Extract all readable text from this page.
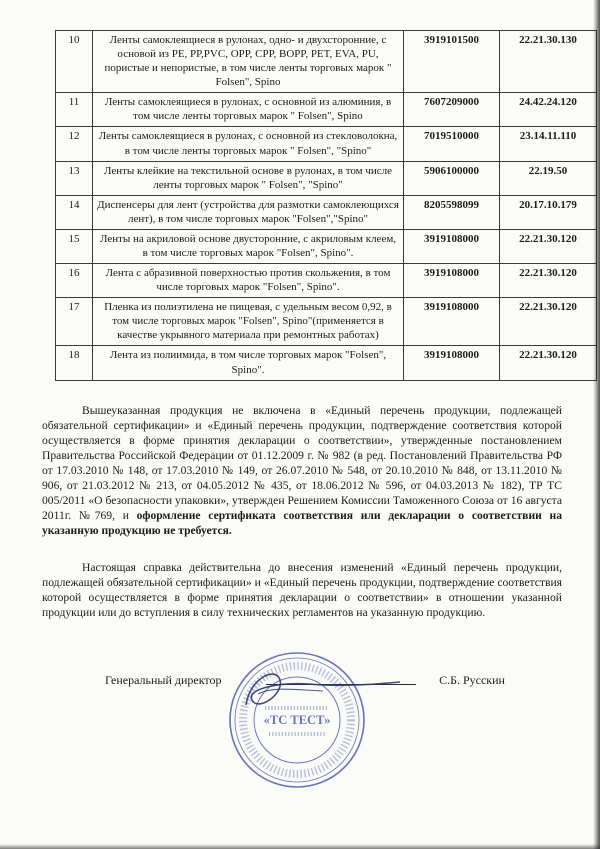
10	Ленты самоклеящиеся в рулонах, одно- и двухсторонние, с основой из PE, PP,PVC, OPP, CPP, BOPP, PET, EVA, PU, пористые и непористые, в том числе ленты торговых марок " Folsen", Spino	3919101500	22.21.30.130
11	Ленты самоклеящиеся в рулонах, с основной из алюминия, в том числе ленты торговых марок " Folsen", Spino	7607209000	24.42.24.120
12	Ленты самоклеящиеся в рулонах, с основной из стекловолокна, в том числе ленты торговых марок " Folsen", "Spino"	7019510000	23.14.11.110
13	Ленты клейкие на текстильной основе в рулонах, в том числе ленты торговых марок " Folsen", "Spino"	5906100000	22.19.50
14	Диспенсеры для лент (устройства для размотки самоклеющихся лент), в том числе торговых марок "Folsen","Spino"	8205598099	20.17.10.179
15	Ленты на акриловой основе двусторонние, с акриловым клеем, в том числе торговых марок "Folsen", Spino".	3919108000	22.21.30.120
16	Лента с абразивной поверхностью против скольжения, в том числе торговых марок "Folsen", Spino".	3919108000	22.21.30.120
17	Пленка из полиэтилена не пищевая, с удельным весом 0,92, в том числе торговых марок "Folsen", Spino"(применяется в качестве укрывного материала при ремонтных работах)	3919108000	22.21.30.120
18	Лента из полиимида, в том числе торговых марок "Folsen", Spino".	3919108000	22.21.30.120

Вышеуказанная продукция не включена в «Единый перечень продукции, подлежащей обязательной сертификации» и «Единый перечень продукции, подтверждение соответствия которой осуществляется в форме принятия декларации о соответствии», утвержденные постановлением Правительства Российской Федерации от 01.12.2009 г. № 982 (в ред. Постановлений Правительства РФ от 17.03.2010 № 148, от 17.03.2010 № 149, от 26.07.2010 № 548, от 20.10.2010 № 848, от 13.11.2010 № 906, от 21.03.2012 № 213, от 04.05.2012 № 435, от 18.06.2012 № 596, от 04.03.2013 № 182), ТР ТС 005/2011 «О безопасности упаковки», утвержден Решением Комиссии Таможенного Союза от 16 августа 2011г. №769, и оформление сертификата соответствия или декларации о соответствии на указанную продукцию не требуется.

Настоящая справка действительна до внесения изменений «Единый перечень продукции, подлежащей обязательной сертификации» и «Единый перечень продукции, подтверждение соответствия которой осуществляется в форме принятия декларации о соответствии» в отношении указанной продукции или до вступления в силу технических регламентов на указанную продукцию.

Генеральный директор	С.Б. Русскин
«ТС ТЕСТ»
